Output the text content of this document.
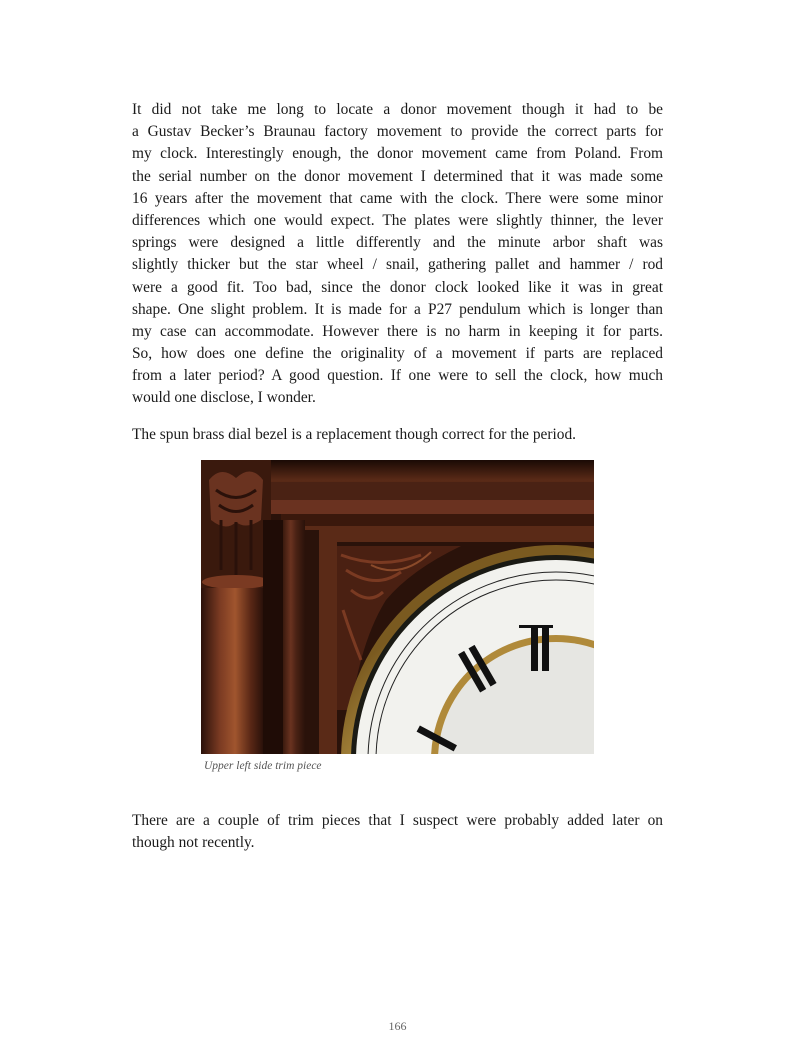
It did not take me long to locate a donor movement though it had to be
a Gustav Becker’s Braunau factory movement to provide the correct parts for
my clock. Interestingly enough, the donor movement came from Poland. From
the serial number on the donor movement I determined that it was made some
16 years after the movement that came with the clock. There were some minor
differences which one would expect. The plates were slightly thinner, the lever
springs were designed a little differently and the minute arbor shaft was
slightly thicker but the star wheel / snail, gathering pallet and hammer / rod
were a good fit. Too bad, since the donor clock looked like it was in great
shape. One slight problem. It is made for a P27 pendulum which is longer than
my case can accommodate. However there is no harm in keeping it for parts.
So, how does one define the originality of a movement if parts are replaced
from a later period? A good question. If one were to sell the clock, how much
would one disclose, I wonder.
The spun brass dial bezel is a replacement though correct for the period.
Upper left side trim piece
There are a couple of trim pieces that I suspect were probably added later on
though not recently.
166
